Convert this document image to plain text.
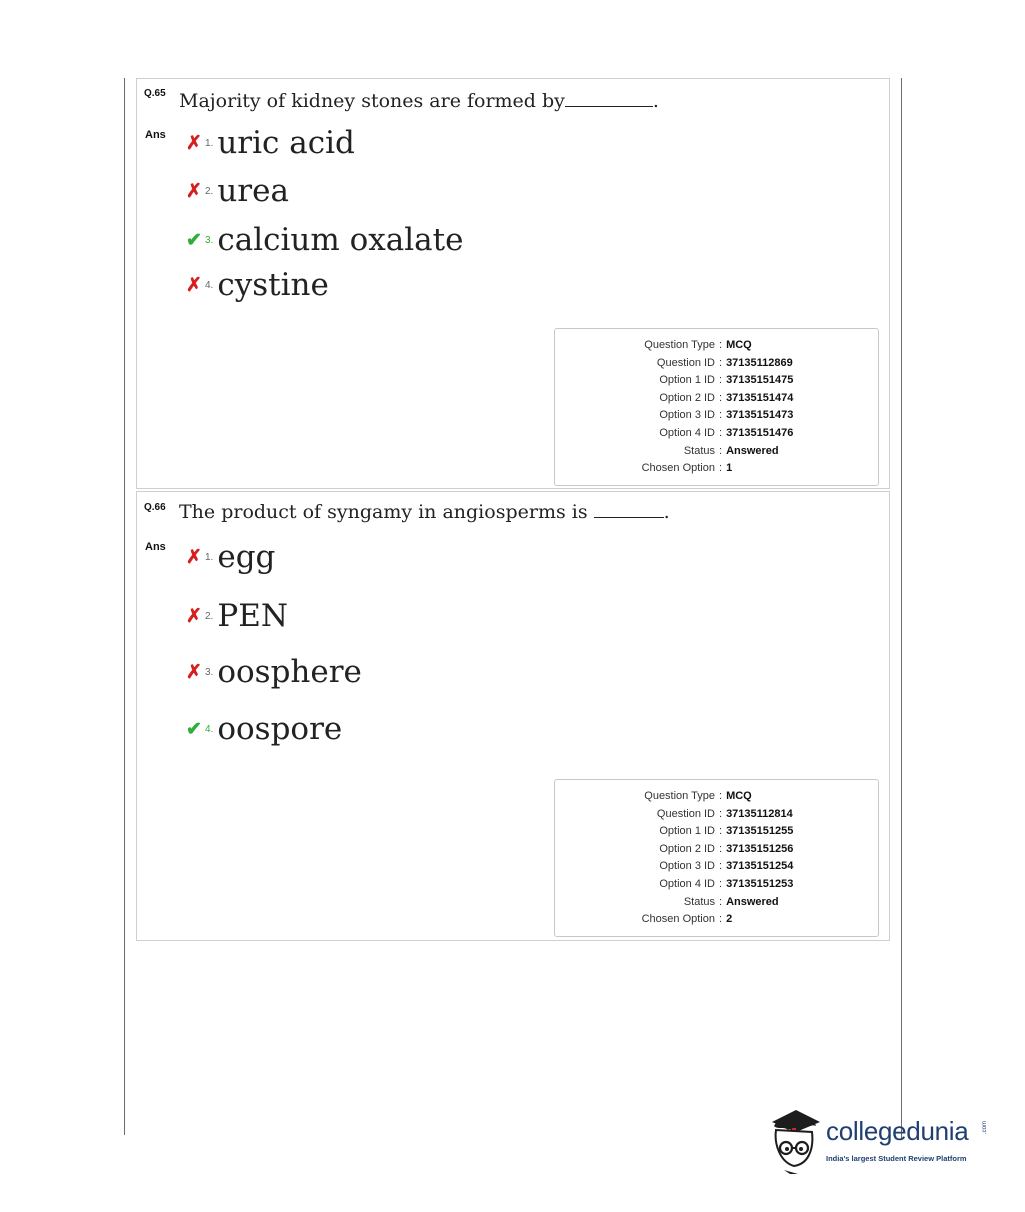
Q.65 Majority of kidney stones are formed by	.
Ans ✗ 1. uric acid
✗ 2. urea
✔ 3. calcium oxalate
✗ 4. cystine
Question Type : MCQ
Question ID : 37135112869
Option 1 ID : 37135151475
Option 2 ID : 37135151474
Option 3 ID : 37135151473
Option 4 ID : 37135151476
Status : Answered
Chosen Option : 1
Q.66 The product of syngamy in angiosperms is	.
Ans ✗ 1. egg
✗ 2. PEN
✗ 3. oosphere
✔ 4. oospore
Question Type : MCQ
Question ID : 37135112814
Option 1 ID : 37135151255
Option 2 ID : 37135151256
Option 3 ID : 37135151254
Option 4 ID : 37135151253
Status : Answered
Chosen Option : 2
collegedunia .com
India's largest Student Review Platform
